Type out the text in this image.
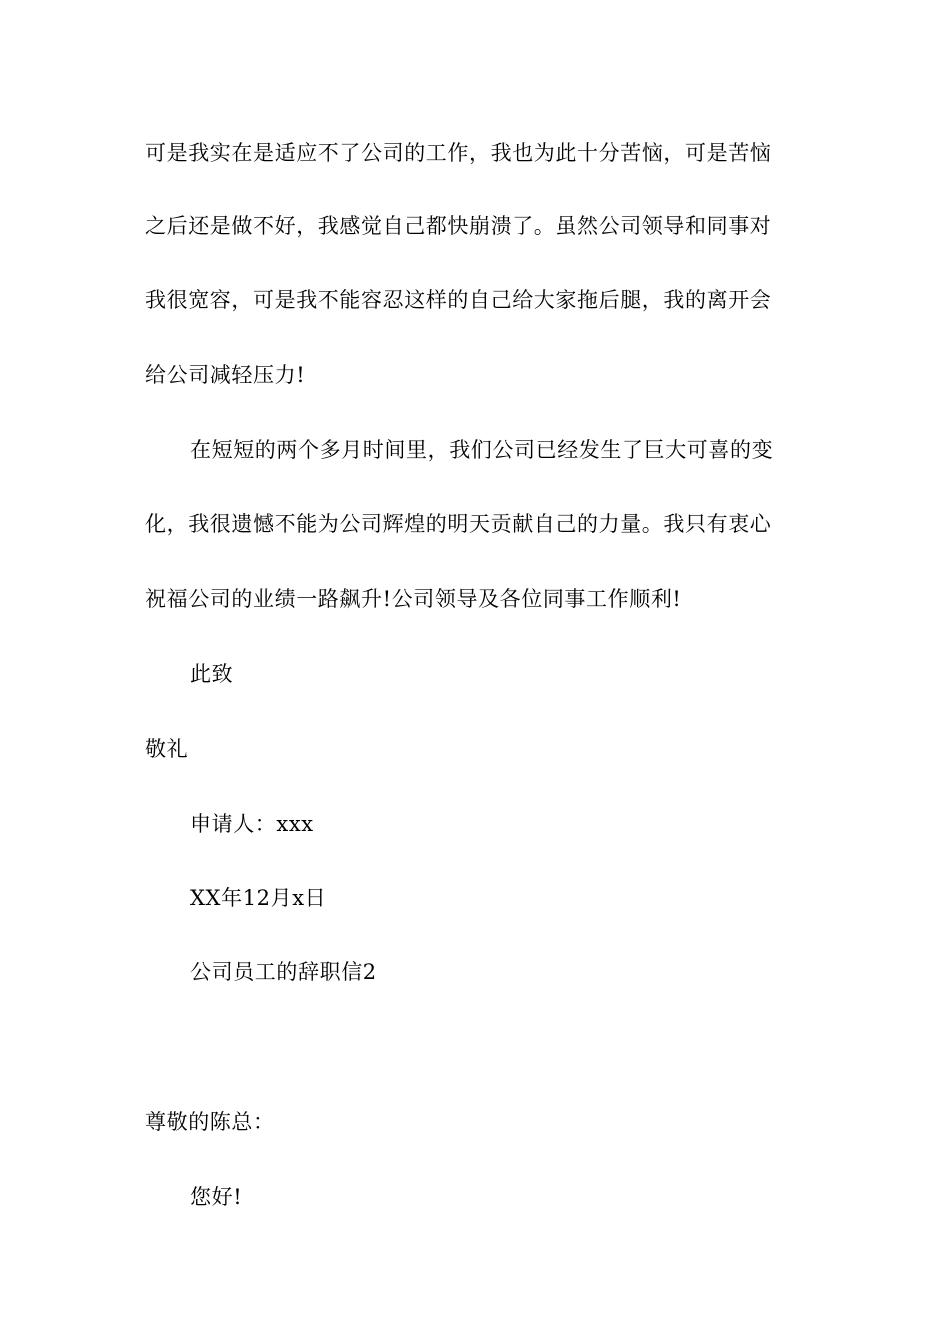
可是我实在是适应不了公司的工作，我也为此十分苦恼，可是苦恼
之后还是做不好，我感觉自己都快崩溃了。虽然公司领导和同事对
我很宽容，可是我不能容忍这样的自己给大家拖后腿，我的离开会
给公司减轻压力!
在短短的两个多月时间里，我们公司已经发生了巨大可喜的变
化，我很遗憾不能为公司辉煌的明天贡献自己的力量。我只有衷心
祝福公司的业绩一路飙升!公司领导及各位同事工作顺利!
此致
敬礼
申请人：xxx
XX年12月x日
公司员工的辞职信2
尊敬的陈总：
您好!
